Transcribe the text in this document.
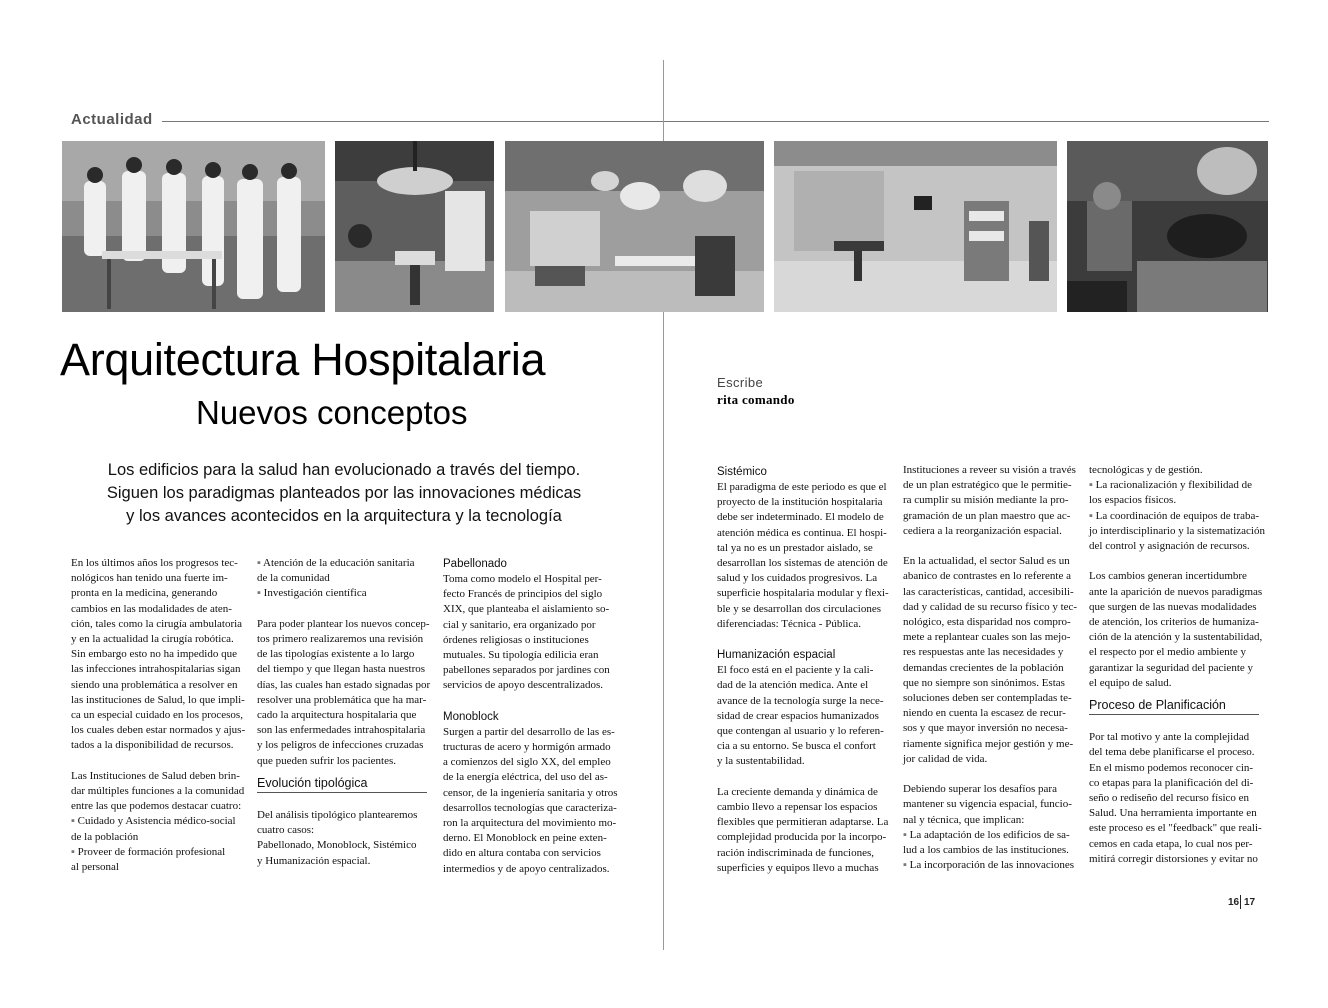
Actualidad
Arquitectura Hospitalaria
Nuevos conceptos
Escribe
rita comando
Los edificios para la salud han evolucionado a través del tiempo.
Siguen los paradigmas planteados por las innovaciones médicas
y los avances acontecidos en la arquitectura y la tecnología
En los últimos años los progresos tec-
nológicos han tenido una fuerte im-
pronta en la medicina, generando
cambios en las modalidades de aten-
ción, tales como la cirugía ambulatoria
y en la actualidad la cirugía robótica.
Sin embargo esto no ha impedido que
las infecciones intrahospitalarias sigan
siendo una problemática a resolver en
las instituciones de Salud, lo que impli-
ca un especial cuidado en los procesos,
los cuales deben estar normados y ajus-
tados a la disponibilidad de recursos.
Las Instituciones de Salud deben brin-
dar múltiples funciones a la comunidad
entre las que podemos destacar cuatro:
▪ Cuidado y Asistencia médico-social
de la población
▪ Proveer de formación profesional
al personal
▪ Atención de la educación sanitaria
de la comunidad
▪ Investigación científica
Para poder plantear los nuevos concep-
tos primero realizaremos una revisión
de las tipologías existente a lo largo
del tiempo y que llegan hasta nuestros
días, las cuales han estado signadas por
resolver una problemática que ha mar-
cado la arquitectura hospitalaria que
son las enfermedades intrahospitalaria
y los peligros de infecciones cruzadas
que pueden sufrir los pacientes.
Evolución tipológica
Del análisis tipológico plantearemos
cuatro casos:
Pabellonado, Monoblock, Sistémico
y Humanización espacial.
Pabellonado
Toma como modelo el Hospital per-
fecto Francés de principios del siglo
XIX, que planteaba el aislamiento so-
cial y sanitario, era organizado por
órdenes religiosas o instituciones
mutuales. Su tipología edilicia eran
pabellones separados por jardines con
servicios de apoyo descentralizados.
Monoblock
Surgen a partir del desarrollo de las es-
tructuras de acero y hormigón armado
a comienzos del siglo XX, del empleo
de la energía eléctrica, del uso del as-
censor, de la ingeniería sanitaria y otros
desarrollos tecnologías que caracteriza-
ron la arquitectura del movimiento mo-
derno. El Monoblock en peine exten-
dido en altura contaba con servicios
intermedios y de apoyo centralizados.
Sistémico
El paradigma de este periodo es que el
proyecto de la institución hospitalaria
debe ser indeterminado. El modelo de
atención médica es continua. El hospi-
tal ya no es un prestador aislado, se
desarrollan los sistemas de atención de
salud y los cuidados progresivos. La
superficie hospitalaria modular y flexi-
ble y se desarrollan dos circulaciones
diferenciadas: Técnica - Pública.
Humanización espacial
El foco está en el paciente y la cali-
dad de la atención medica. Ante el
avance de la tecnología surge la nece-
sidad de crear espacios humanizados
que contengan al usuario y lo referen-
cia a su entorno. Se busca el confort
y la sustentabilidad.
La creciente demanda y dinámica de
cambio llevo a repensar los espacios
flexibles que permitieran adaptarse. La
complejidad producida por la incorpo-
ración indiscriminada de funciones,
superficies y equipos llevo a muchas
Instituciones a reveer su visión a través
de un plan estratégico que le permitie-
ra cumplir su misión mediante la pro-
gramación de un plan maestro que ac-
cediera a la reorganización espacial.
En la actualidad, el sector Salud es un
abanico de contrastes en lo referente a
las características, cantidad, accesibili-
dad y calidad de su recurso físico y tec-
nológico, esta disparidad nos compro-
mete a replantear cuales son las mejo-
res respuestas ante las necesidades y
demandas crecientes de la población
que no siempre son sinónimos. Estas
soluciones deben ser contempladas te-
niendo en cuenta la escasez de recur-
sos y que mayor inversión no necesa-
riamente significa mejor gestión y me-
jor calidad de vida.
Debiendo superar los desafíos para
mantener su vigencia espacial, funcio-
nal y técnica, que implican:
▪ La adaptación de los edificios de sa-
lud a los cambios de las instituciones.
▪ La incorporación de las innovaciones
tecnológicas y de gestión.
▪ La racionalización y flexibilidad de
los espacios físicos.
▪ La coordinación de equipos de traba-
jo interdisciplinario y la sistematización
del control y asignación de recursos.
Los cambios generan incertidumbre
ante la aparición de nuevos paradigmas
que surgen de las nuevas modalidades
de atención, los criterios de humaniza-
ción de la atención y la sustentabilidad,
el respecto por el medio ambiente y
garantizar la seguridad del paciente y
el equipo de salud.
Proceso de Planificación
Por tal motivo y ante la complejidad
del tema debe planificarse el proceso.
En el mismo podemos reconocer cin-
co etapas para la planificación del di-
seño o rediseño del recurso físico en
Salud. Una herramienta importante en
este proceso es el "feedback" que reali-
cemos en cada etapa, lo cual nos per-
mitirá corregir distorsiones y evitar no
16 17
